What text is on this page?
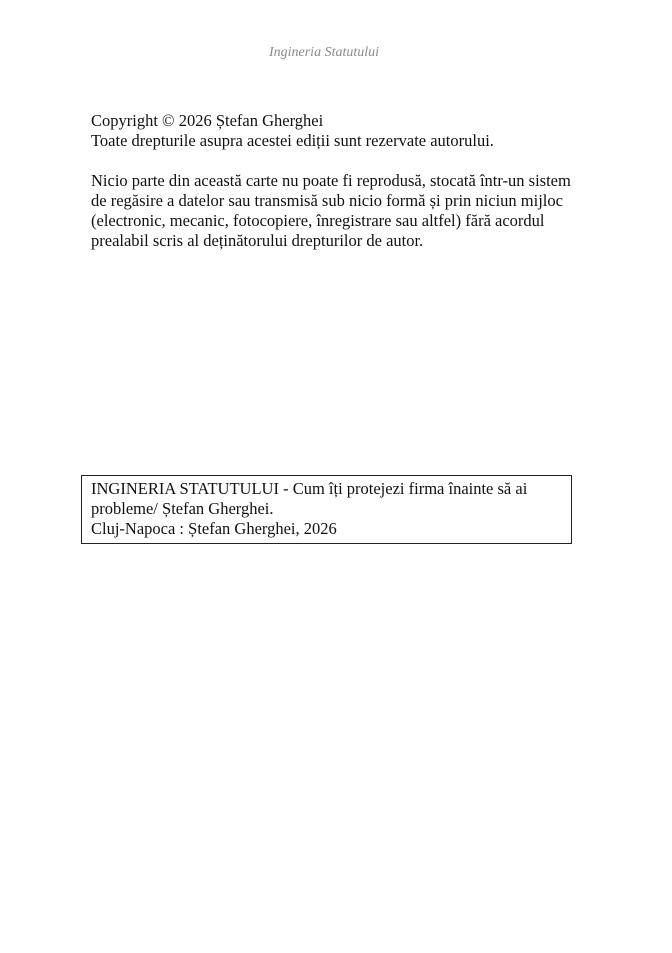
Ingineria Statutului

Copyright © 2026 Ștefan Gherghei

Toate drepturile asupra acestei ediții sunt rezervate autorului.

Nicio parte din această carte nu poate fi reprodusă, stocată într-un sistem de regăsire a datelor sau transmisă sub nicio formă și prin niciun mijloc (electronic, mecanic, fotocopiere, înregistrare sau altfel) fără acordul prealabil scris al deținătorului drepturilor de autor.

INGINERIA STATUTULUI - Cum îți protejezi firma înainte să ai probleme/ Ștefan Gherghei.

Cluj-Napoca : Ștefan Gherghei, 2026
